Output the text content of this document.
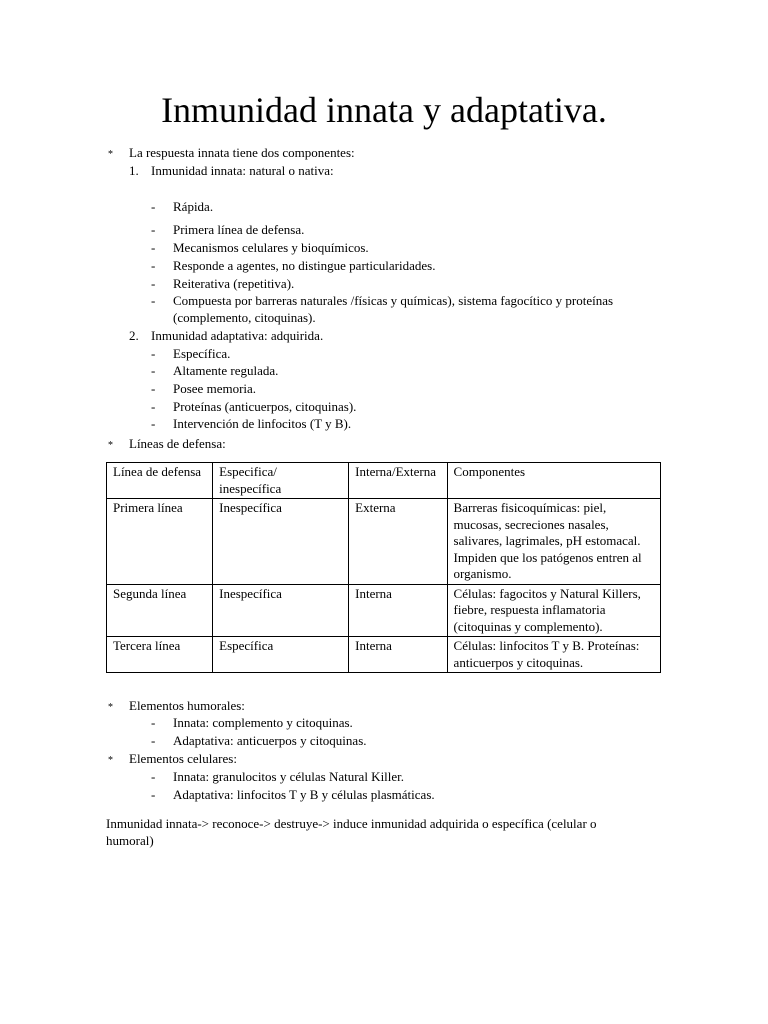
Inmunidad innata y adaptativa.
* La respuesta innata tiene dos componentes:
1. Inmunidad innata: natural o nativa:
- Rápida.
- Primera línea de defensa.
- Mecanismos celulares y bioquímicos.
- Responde a agentes, no distingue particularidades.
- Reiterativa (repetitiva).
- Compuesta por barreras naturales /físicas y químicas), sistema fagocítico y proteínas
(complemento, citoquinas).
2. Inmunidad adaptativa: adquirida.
- Específica.
- Altamente regulada.
- Posee memoria.
- Proteínas (anticuerpos, citoquinas).
- Intervención de linfocitos (T y B).
* Líneas de defensa:
Línea de defensa	Especifica/ inespecífica	Interna/Externa	Componentes
Primera línea	Inespecífica	Externa	Barreras fisicoquímicas: piel, mucosas, secreciones nasales, salivares, lagrimales, pH estomacal. Impiden que los patógenos entren al organismo.
Segunda línea	Inespecífica	Interna	Células: fagocitos y Natural Killers, fiebre, respuesta inflamatoria (citoquinas y complemento).
Tercera línea	Específica	Interna	Células: linfocitos T y B. Proteínas: anticuerpos y citoquinas.
* Elementos humorales:
- Innata: complemento y citoquinas.
- Adaptativa: anticuerpos y citoquinas.
* Elementos celulares:
- Innata: granulocitos y células Natural Killer.
- Adaptativa: linfocitos T y B y células plasmáticas.
Inmunidad innata-> reconoce-> destruye-> induce inmunidad adquirida o específica (celular o humoral)
